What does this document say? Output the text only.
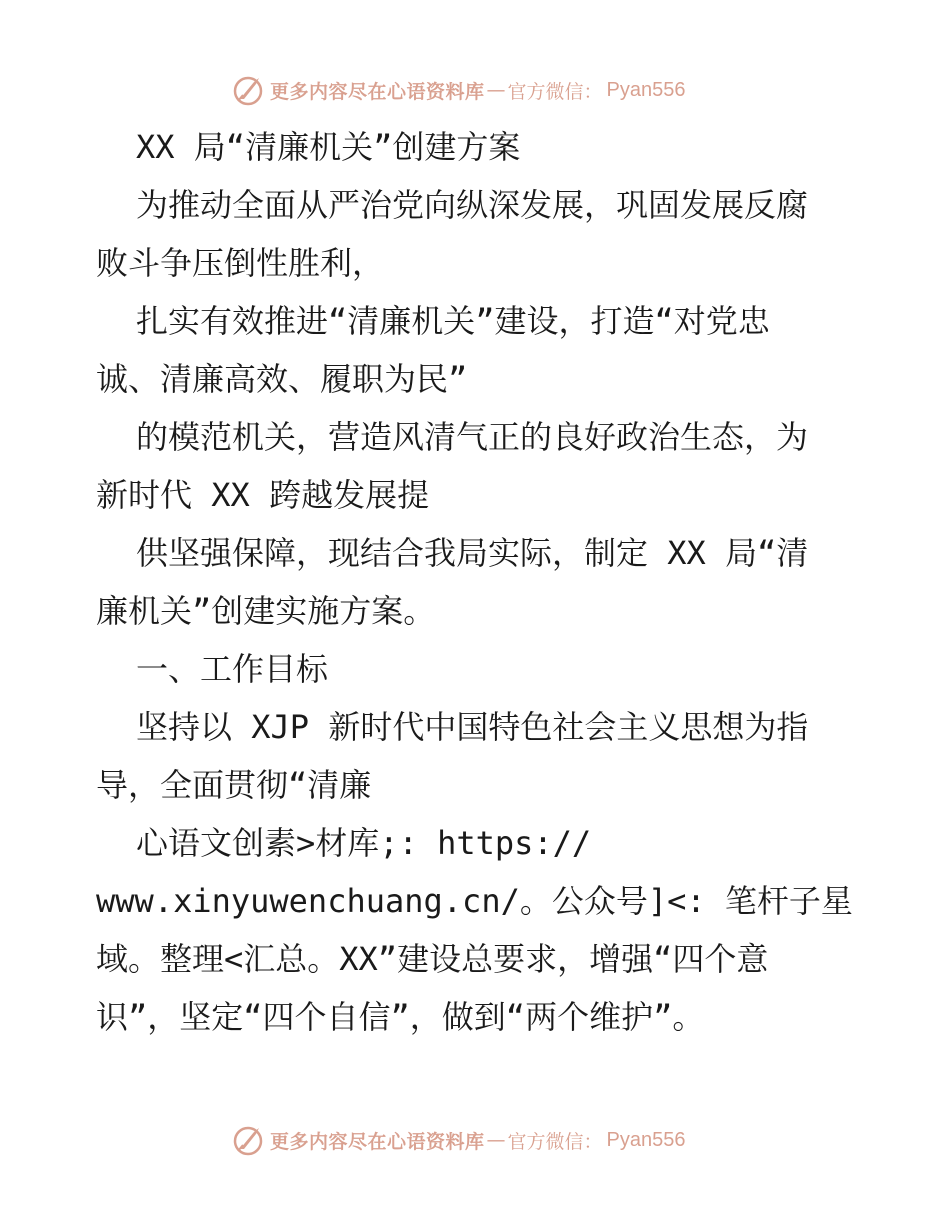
更多内容尽在心语资料库 — 官方微信： Pyan556
XX 局“清廉机关”创建方案
为推动全面从严治党向纵深发展，巩固发展反腐
败斗争压倒性胜利，
扎实有效推进“清廉机关”建设，打造“对党忠
诚、清廉高效、履职为民”
的模范机关，营造风清气正的良好政治生态，为
新时代 XX 跨越发展提
供坚强保障，现结合我局实际，制定 XX 局“清
廉机关”创建实施方案。
一、工作目标
坚持以 XJP 新时代中国特色社会主义思想为指
导，全面贯彻“清廉
心语文创素>材库;: https://
www.xinyuwenchuang.cn/。公众号]<: 笔杆子星
域。整理<汇总。XX”建设总要求，增强“四个意
识”，坚定“四个自信”，做到“两个维护”。
更多内容尽在心语资料库 — 官方微信： Pyan556
